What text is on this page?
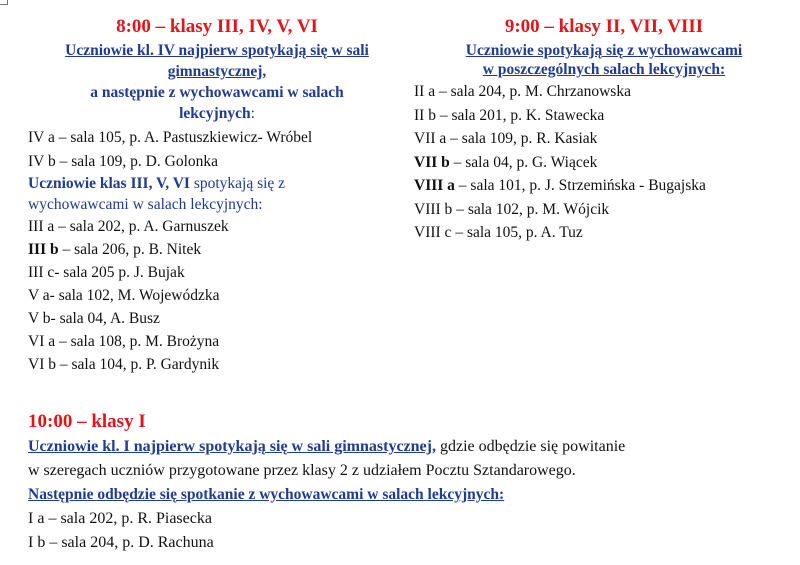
8:00 – klasy III, IV, V, VI
Uczniowie kl. IV najpierw spotykają się w sali
gimnastycznej,
a następnie z wychowawcami w salach
lekcyjnych:
IV a – sala 105, p. A. Pastuszkiewicz- Wróbel
IV b – sala 109, p. D. Golonka
Uczniowie klas III, V, VI spotykają się z
wychowawcami w salach lekcyjnych:
III a – sala 202, p. A. Garnuszek
III b – sala 206, p. B. Nitek
III c- sala 205 p. J. Bujak
V a- sala 102, M. Wojewódzka
V b- sala 04, A. Busz
VI a – sala 108, p. M. Brożyna
VI b – sala 104, p. P. Gardynik
9:00 – klasy II, VII, VIII
Uczniowie spotykają się z wychowawcami
w poszczególnych salach lekcyjnych:
II a – sala 204, p. M. Chrzanowska
II b – sala 201, p. K. Stawecka
VII a – sala 109, p. R. Kasiak
VII b – sala 04, p. G. Wiącek
VIII a – sala 101, p. J. Strzemińska - Bugajska
VIII b – sala 102, p. M. Wójcik
VIII c – sala 105, p. A. Tuz
10:00 – klasy I
Uczniowie kl. I najpierw spotykają się w sali gimnastycznej, gdzie odbędzie się powitanie
w szeregach uczniów przygotowane przez klasy 2 z udziałem Pocztu Sztandarowego.
Następnie odbędzie się spotkanie z wychowawcami w salach lekcyjnych:
I a – sala 202, p. R. Piasecka
I b – sala 204, p. D. Rachuna
